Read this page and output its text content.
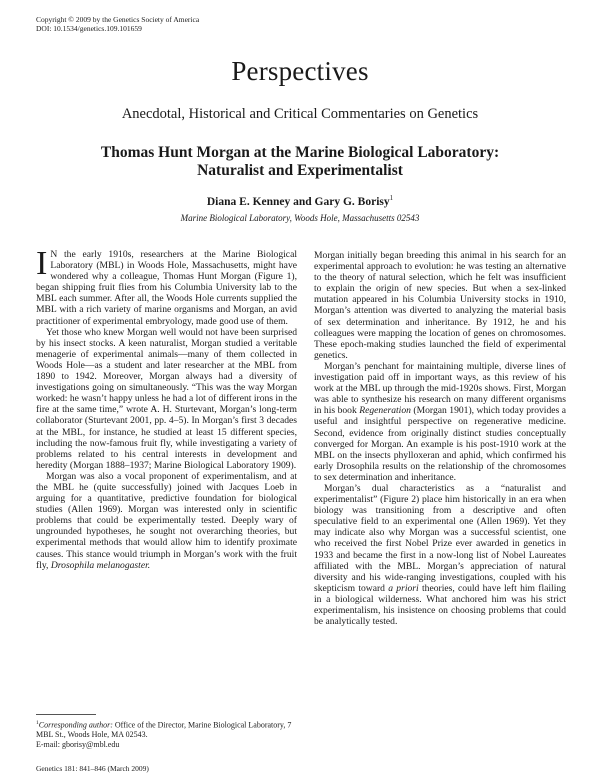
Copyright © 2009 by the Genetics Society of America
DOI: 10.1534/genetics.109.101659
Perspectives
Anecdotal, Historical and Critical Commentaries on Genetics
Thomas Hunt Morgan at the Marine Biological Laboratory:
Naturalist and Experimentalist
Diana E. Kenney and Gary G. Borisy$^1$
Marine Biological Laboratory, Woods Hole, Massachusetts 02543

I N the early 1910s, researchers at the Marine Biological Laboratory (MBL) in Woods Hole, Massachusetts, might have wondered why a colleague, Thomas Hunt Morgan (Figure 1), began shipping fruit flies from his Columbia University lab to the MBL each summer. After all, the Woods Hole currents supplied the MBL with a rich variety of marine organisms and Morgan, an avid practitioner of experimental embryology, made good use of them.

Yet those who knew Morgan well would not have been surprised by his insect stocks. A keen naturalist, Morgan studied a veritable menagerie of experimental animals—many of them collected in Woods Hole—as a student and later researcher at the MBL from 1890 to 1942. Moreover, Morgan always had a diversity of investigations going on simultaneously. “This was the way Morgan worked: he wasn’t happy unless he had a lot of different irons in the fire at the same time,” wrote A. H. Sturtevant, Morgan’s long-term collaborator (Sturtevant 2001, pp. 4–5). In Morgan’s first 3 decades at the MBL, for instance, he studied at least 15 different species, including the now-famous fruit fly, while investigating a variety of problems related to his central interests in development and heredity (Morgan 1888–1937; Marine Biological Laboratory 1909).

Morgan was also a vocal proponent of experimentalism, and at the MBL he (quite successfully) joined with Jacques Loeb in arguing for a quantitative, predictive foundation for biological studies (Allen 1969). Morgan was interested only in scientific problems that could be experimentally tested. Deeply wary of ungrounded hypotheses, he sought not overarching theories, but experimental methods that would allow him to identify proximate causes. This stance would triumph in Morgan’s work with the fruit fly, Drosophila melanogaster.

Morgan initially began breeding this animal in his search for an experimental approach to evolution: he was testing an alternative to the theory of natural selection, which he felt was insufficient to explain the origin of new species. But when a sex-linked mutation appeared in his Columbia University stocks in 1910, Morgan’s attention was diverted to analyzing the material basis of sex determination and inheritance. By 1912, he and his colleagues were mapping the location of genes on chromosomes. These epoch-making studies launched the field of experimental genetics.

Morgan’s penchant for maintaining multiple, diverse lines of investigation paid off in important ways, as this review of his work at the MBL up through the mid-1920s shows. First, Morgan was able to synthesize his research on many different organisms in his book Regeneration (Morgan 1901), which today provides a useful and insightful perspective on regenerative medicine. Second, evidence from originally distinct studies conceptually converged for Morgan. An example is his post-1910 work at the MBL on the insects phylloxeran and aphid, which confirmed his early Drosophila results on the relationship of the chromosomes to sex determination and inheritance.

Morgan’s dual characteristics as a “naturalist and experimentalist” (Figure 2) place him historically in an era when biology was transitioning from a descriptive and often speculative field to an experimental one (Allen 1969). Yet they may indicate also why Morgan was a successful scientist, one who received the first Nobel Prize ever awarded in genetics in 1933 and became the first in a now-long list of Nobel Laureates affiliated with the MBL. Morgan’s appreciation of natural diversity and his wide-ranging investigations, coupled with his skepticism toward a priori theories, could have left him flailing in a biological wilderness. What anchored him was his strict experimentalism, his insistence on choosing problems that could be analytically tested.

$^1$Corresponding author: Office of the Director, Marine Biological Laboratory, 7 MBL St., Woods Hole, MA 02543.
E-mail: gborisy@mbl.edu
Genetics 181: 841–846 (March 2009)
